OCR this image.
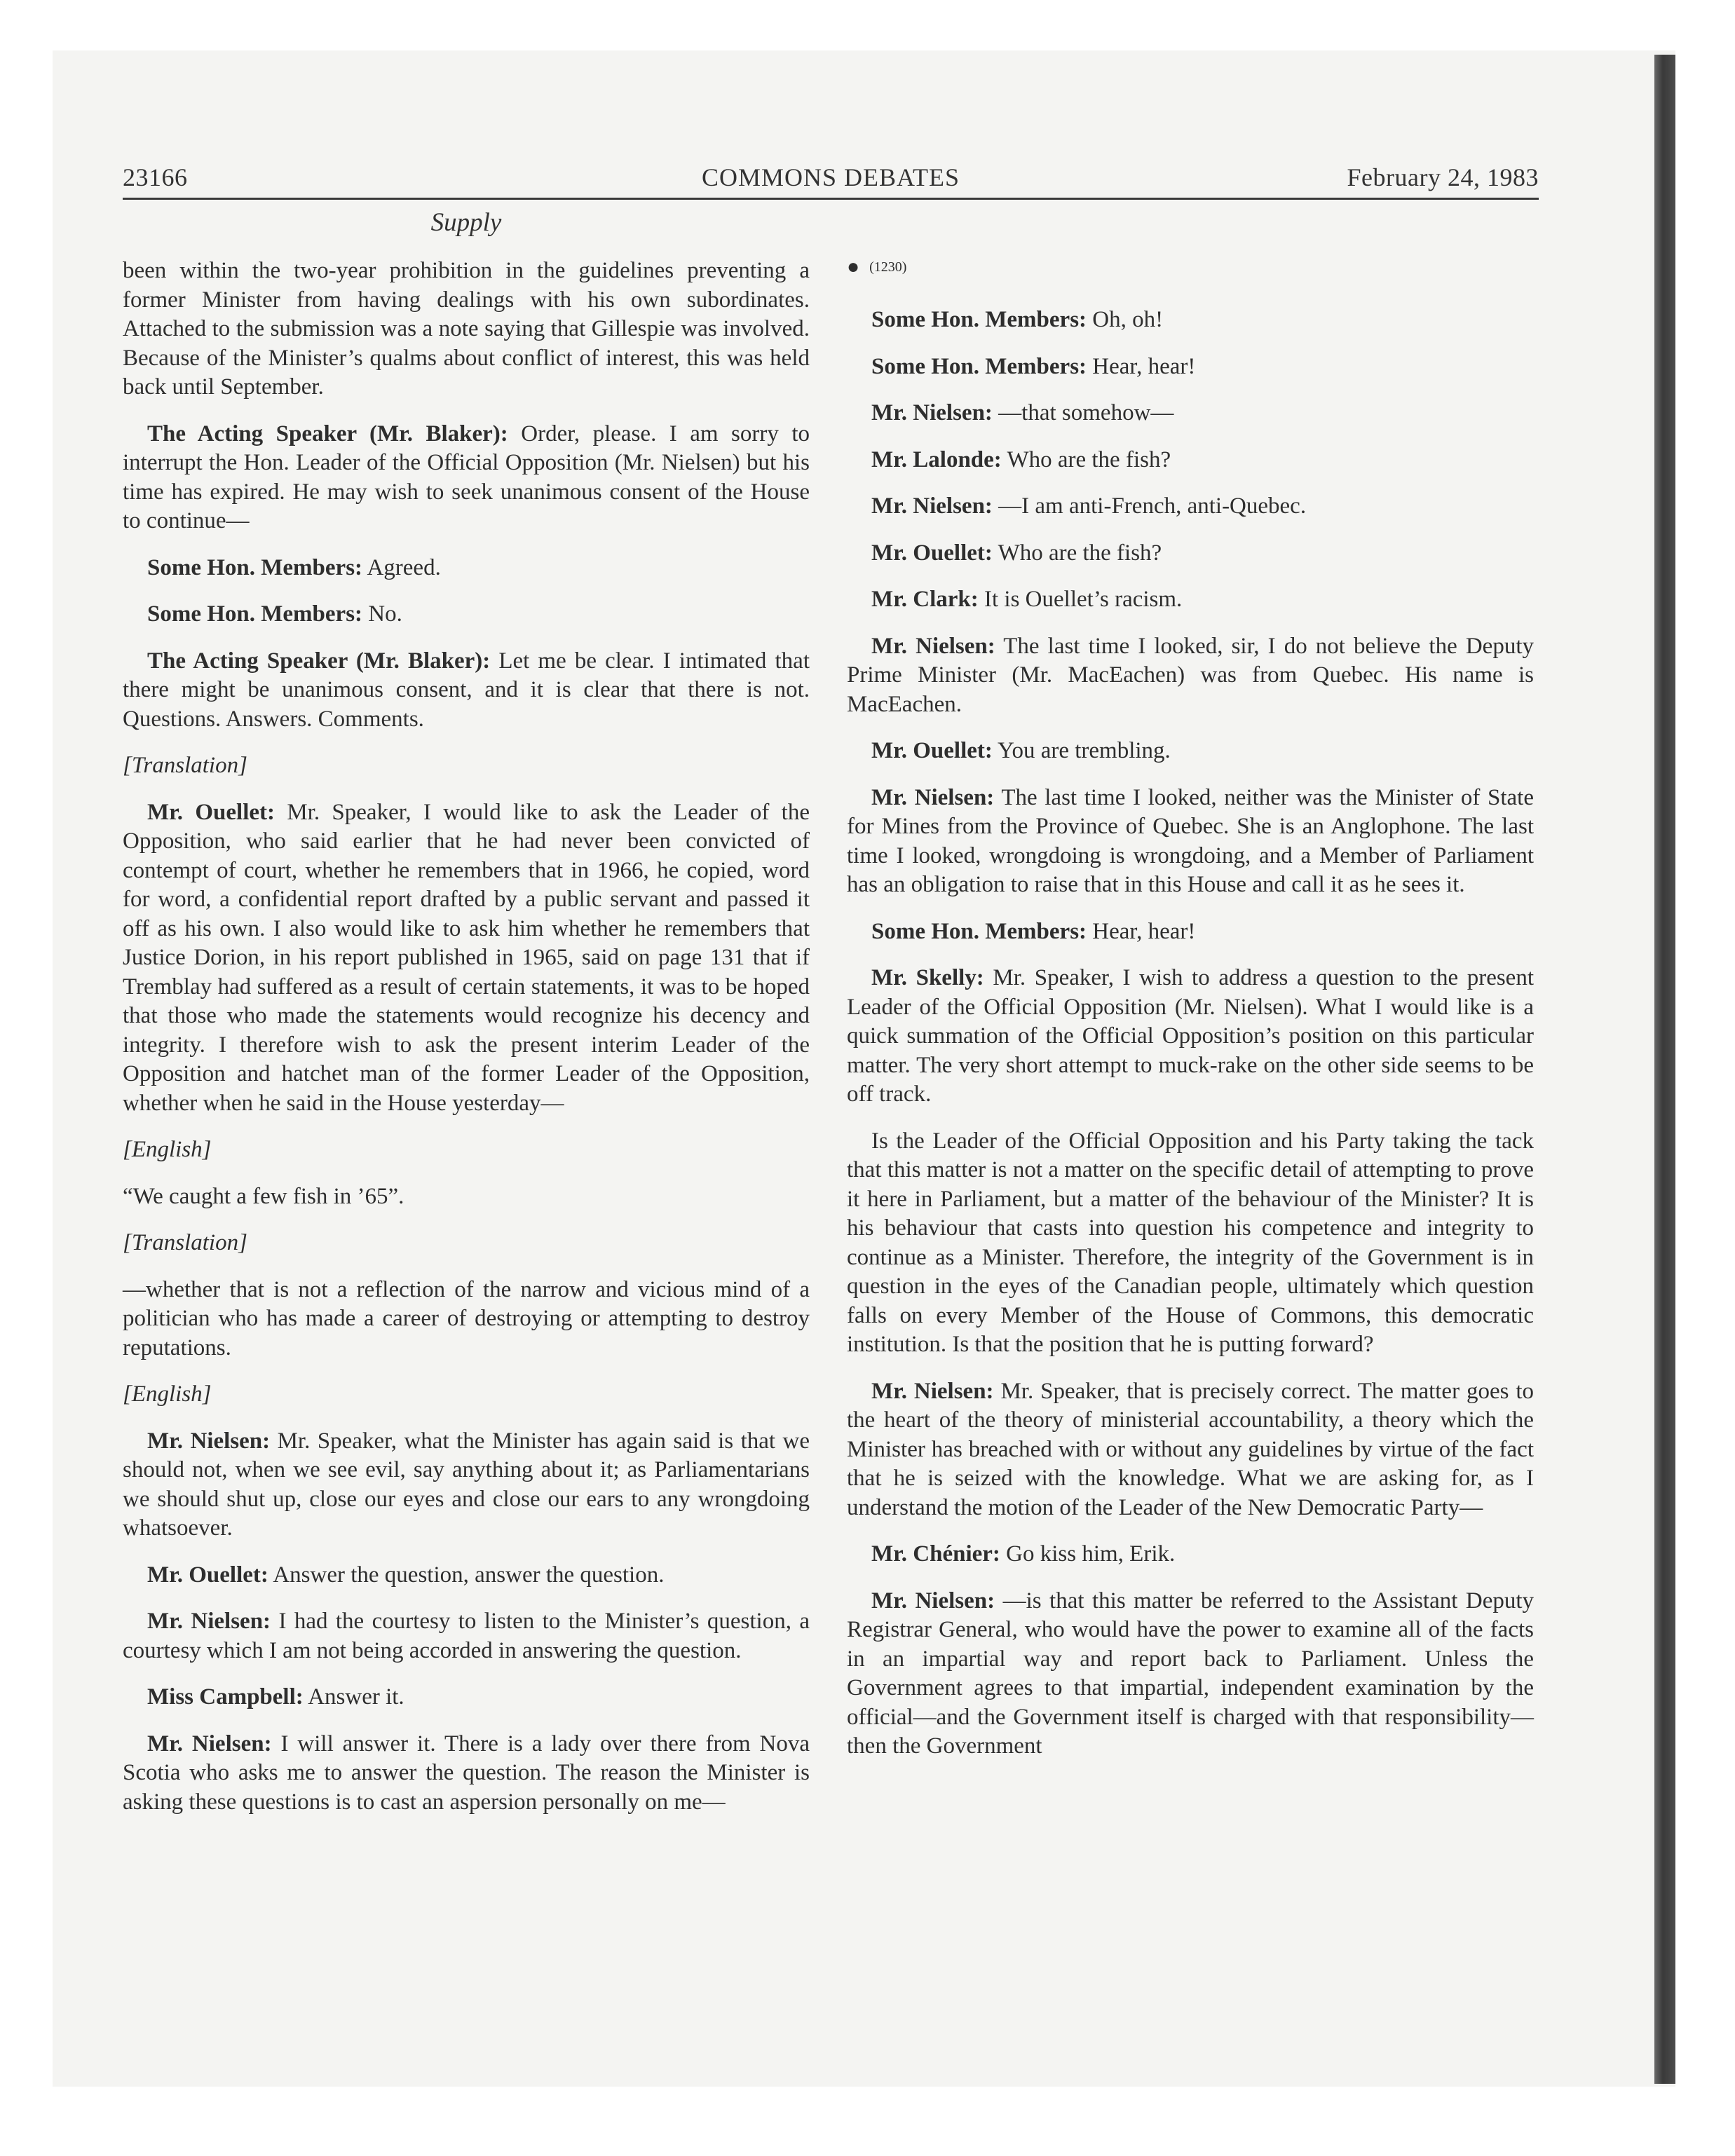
23166	COMMONS DEBATES	February 24, 1983
Supply

been within the two-year prohibition in the guidelines preventing a former Minister from having dealings with his own subordinates. Attached to the submission was a note saying that Gillespie was involved. Because of the Minister’s qualms about conflict of interest, this was held back until September.

The Acting Speaker (Mr. Blaker): Order, please. I am sorry to interrupt the Hon. Leader of the Official Opposition (Mr. Nielsen) but his time has expired. He may wish to seek unanimous consent of the House to continue—

Some Hon. Members: Agreed.

Some Hon. Members: No.

The Acting Speaker (Mr. Blaker): Let me be clear. I intimated that there might be unanimous consent, and it is clear that there is not. Questions. Answers. Comments.

[Translation]

Mr. Ouellet: Mr. Speaker, I would like to ask the Leader of the Opposition, who said earlier that he had never been convicted of contempt of court, whether he remembers that in 1966, he copied, word for word, a confidential report drafted by a public servant and passed it off as his own. I also would like to ask him whether he remembers that Justice Dorion, in his report published in 1965, said on page 131 that if Tremblay had suffered as a result of certain statements, it was to be hoped that those who made the statements would recognize his decency and integrity. I therefore wish to ask the present interim Leader of the Opposition and hatchet man of the former Leader of the Opposition, whether when he said in the House yesterday—

[English]

“We caught a few fish in ’65”.

[Translation]

—whether that is not a reflection of the narrow and vicious mind of a politician who has made a career of destroying or attempting to destroy reputations.

[English]

Mr. Nielsen: Mr. Speaker, what the Minister has again said is that we should not, when we see evil, say anything about it; as Parliamentarians we should shut up, close our eyes and close our ears to any wrongdoing whatsoever.

Mr. Ouellet: Answer the question, answer the question.

Mr. Nielsen: I had the courtesy to listen to the Minister’s question, a courtesy which I am not being accorded in answering the question.

Miss Campbell: Answer it.

Mr. Nielsen: I will answer it. There is a lady over there from Nova Scotia who asks me to answer the question. The reason the Minister is asking these questions is to cast an aspersion personally on me—

● (1230)

Some Hon. Members: Oh, oh!

Some Hon. Members: Hear, hear!

Mr. Nielsen: —that somehow—

Mr. Lalonde: Who are the fish?

Mr. Nielsen: —I am anti-French, anti-Quebec.

Mr. Ouellet: Who are the fish?

Mr. Clark: It is Ouellet’s racism.

Mr. Nielsen: The last time I looked, sir, I do not believe the Deputy Prime Minister (Mr. MacEachen) was from Quebec. His name is MacEachen.

Mr. Ouellet: You are trembling.

Mr. Nielsen: The last time I looked, neither was the Minister of State for Mines from the Province of Quebec. She is an Anglophone. The last time I looked, wrongdoing is wrongdoing, and a Member of Parliament has an obligation to raise that in this House and call it as he sees it.

Some Hon. Members: Hear, hear!

Mr. Skelly: Mr. Speaker, I wish to address a question to the present Leader of the Official Opposition (Mr. Nielsen). What I would like is a quick summation of the Official Opposition’s position on this particular matter. The very short attempt to muck-rake on the other side seems to be off track.

Is the Leader of the Official Opposition and his Party taking the tack that this matter is not a matter on the specific detail of attempting to prove it here in Parliament, but a matter of the behaviour of the Minister? It is his behaviour that casts into question his competence and integrity to continue as a Minister. Therefore, the integrity of the Government is in question in the eyes of the Canadian people, ultimately which question falls on every Member of the House of Commons, this democratic institution. Is that the position that he is putting forward?

Mr. Nielsen: Mr. Speaker, that is precisely correct. The matter goes to the heart of the theory of ministerial accountability, a theory which the Minister has breached with or without any guidelines by virtue of the fact that he is seized with the knowledge. What we are asking for, as I understand the motion of the Leader of the New Democratic Party—

Mr. Chénier: Go kiss him, Erik.

Mr. Nielsen: —is that this matter be referred to the Assistant Deputy Registrar General, who would have the power to examine all of the facts in an impartial way and report back to Parliament. Unless the Government agrees to that impartial, independent examination by the official—and the Government itself is charged with that responsibility—then the Government
